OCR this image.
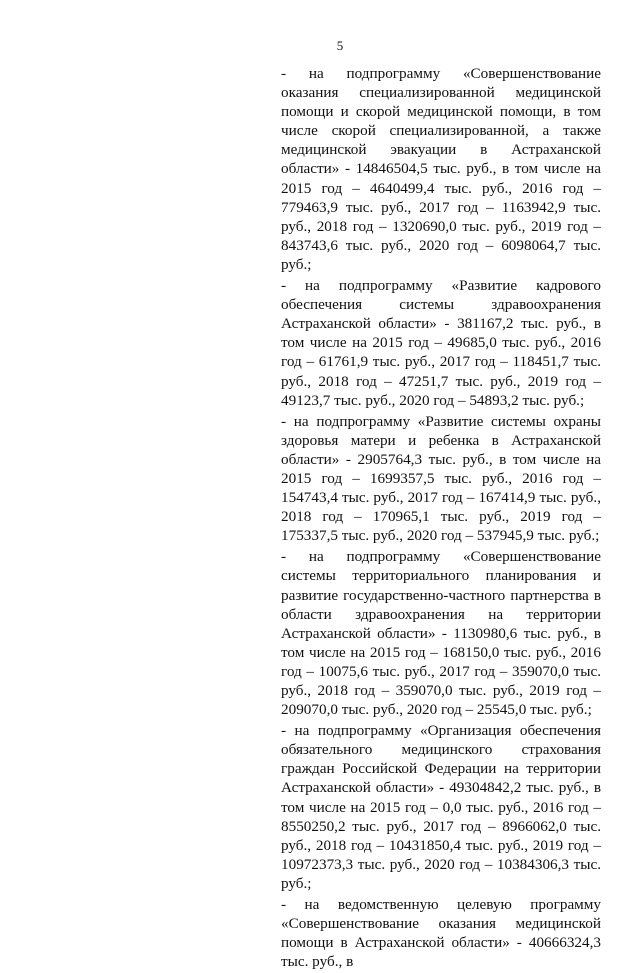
5

- на подпрограмму «Совершенствование оказания специализированной медицинской помощи и скорой медицинской помощи, в том числе скорой специализированной, а также медицинской эвакуации в Астраханской области» - 14846504,5 тыс. руб., в том числе на 2015 год – 4640499,4 тыс. руб., 2016 год – 779463,9 тыс. руб., 2017 год – 1163942,9 тыс. руб., 2018 год – 1320690,0 тыс. руб., 2019 год – 843743,6 тыс. руб., 2020 год – 6098064,7 тыс. руб.;

- на подпрограмму «Развитие кадрового обеспечения системы здравоохранения Астраханской области» - 381167,2 тыс. руб., в том числе на 2015 год – 49685,0 тыс. руб., 2016 год – 61761,9 тыс. руб., 2017 год – 118451,7 тыс. руб., 2018 год – 47251,7 тыс. руб., 2019 год – 49123,7 тыс. руб., 2020 год – 54893,2 тыс. руб.;

- на подпрограмму «Развитие системы охраны здоровья матери и ребенка в Астраханской области» - 2905764,3 тыс. руб., в том числе на 2015 год – 1699357,5 тыс. руб., 2016 год – 154743,4 тыс. руб., 2017 год – 167414,9 тыс. руб., 2018 год – 170965,1 тыс. руб., 2019 год – 175337,5 тыс. руб., 2020 год – 537945,9 тыс. руб.;

- на подпрограмму «Совершенствование системы территориального планирования и развитие государственно-частного партнерства в области здравоохранения на территории Астраханской области» - 1130980,6 тыс. руб., в том числе на 2015 год – 168150,0 тыс. руб., 2016 год – 10075,6 тыс. руб., 2017 год – 359070,0 тыс. руб., 2018 год – 359070,0 тыс. руб., 2019 год – 209070,0 тыс. руб., 2020 год – 25545,0 тыс. руб.;

- на подпрограмму «Организация обеспечения обязательного медицинского страхования граждан Российской Федерации на территории Астраханской области» - 49304842,2 тыс. руб., в том числе на 2015 год – 0,0 тыс. руб., 2016 год – 8550250,2 тыс. руб., 2017 год – 8966062,0 тыс. руб., 2018 год – 10431850,4 тыс. руб., 2019 год – 10972373,3 тыс. руб., 2020 год – 10384306,3 тыс. руб.;

- на ведомственную целевую программу «Совершенствование оказания медицинской помощи в Астраханской области» - 40666324,3 тыс. руб., в
